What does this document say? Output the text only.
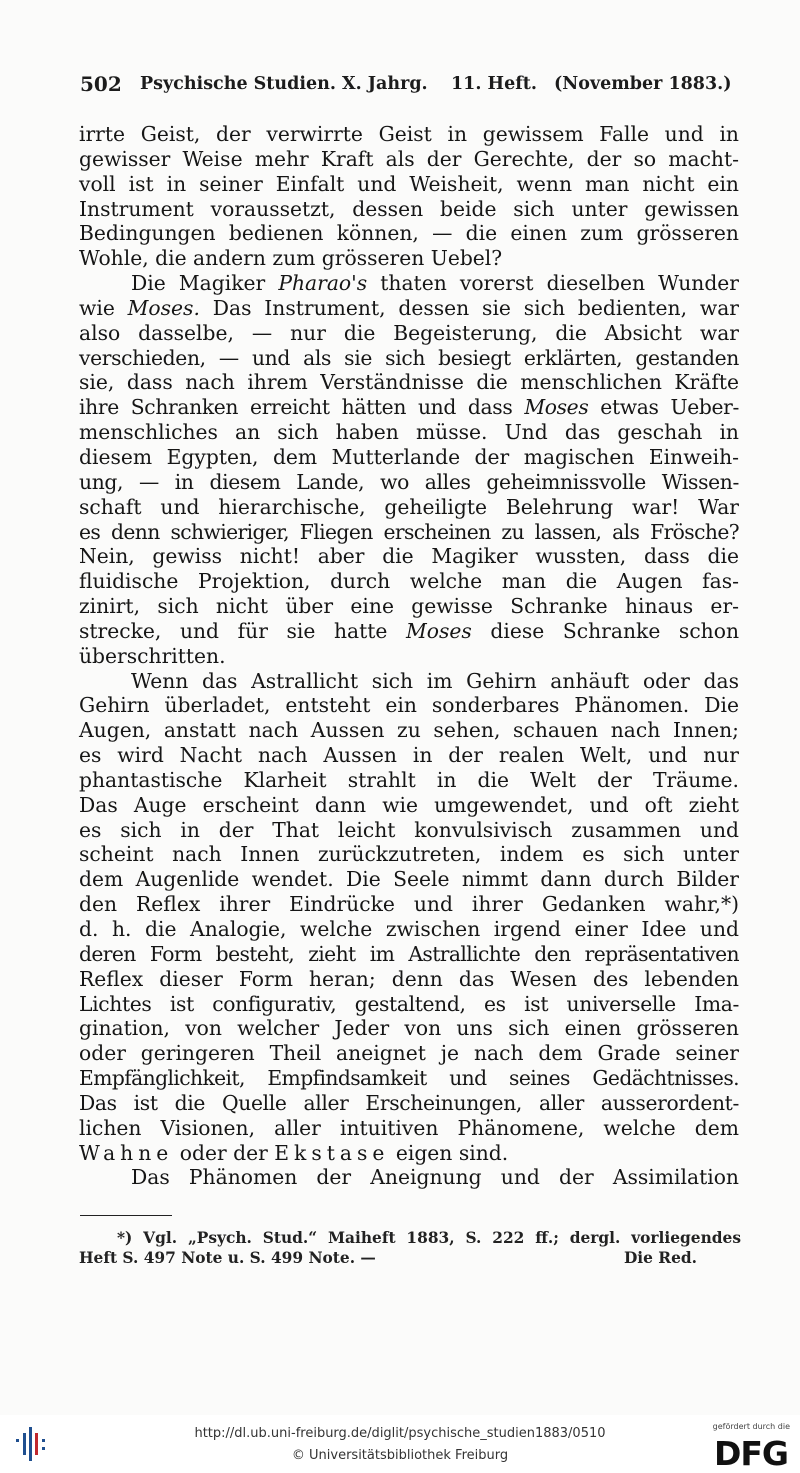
502 Psychische Studien. X. Jahrg. 11. Heft. (November 1883.)
irrte Geist, der verwirrte Geist in gewissem Falle und in
gewisser Weise mehr Kraft als der Gerechte, der so macht-
voll ist in seiner Einfalt und Weisheit, wenn man nicht ein
Instrument voraussetzt, dessen beide sich unter gewissen
Bedingungen bedienen können, — die einen zum grösseren
Wohle, die andern zum grösseren Uebel?
Die Magiker Pharao's thaten vorerst dieselben Wunder
wie Moses. Das Instrument, dessen sie sich bedienten, war
also dasselbe, — nur die Begeisterung, die Absicht war
verschieden, — und als sie sich besiegt erklärten, gestanden
sie, dass nach ihrem Verständnisse die menschlichen Kräfte
ihre Schranken erreicht hätten und dass Moses etwas Ueber-
menschliches an sich haben müsse. Und das geschah in
diesem Egypten, dem Mutterlande der magischen Einweih-
ung, — in diesem Lande, wo alles geheimnissvolle Wissen-
schaft und hierarchische, geheiligte Belehrung war! War
es denn schwieriger, Fliegen erscheinen zu lassen, als Frösche?
Nein, gewiss nicht! aber die Magiker wussten, dass die
fluidische Projektion, durch welche man die Augen fas-
zinirt, sich nicht über eine gewisse Schranke hinaus er-
strecke, und für sie hatte Moses diese Schranke schon
überschritten.
Wenn das Astrallicht sich im Gehirn anhäuft oder das
Gehirn überladet, entsteht ein sonderbares Phänomen. Die
Augen, anstatt nach Aussen zu sehen, schauen nach Innen;
es wird Nacht nach Aussen in der realen Welt, und nur
phantastische Klarheit strahlt in die Welt der Träume.
Das Auge erscheint dann wie umgewendet, und oft zieht
es sich in der That leicht konvulsivisch zusammen und
scheint nach Innen zurückzutreten, indem es sich unter
dem Augenlide wendet. Die Seele nimmt dann durch Bilder
den Reflex ihrer Eindrücke und ihrer Gedanken wahr,*)
d. h. die Analogie, welche zwischen irgend einer Idee und
deren Form besteht, zieht im Astrallichte den repräsentativen
Reflex dieser Form heran; denn das Wesen des lebenden
Lichtes ist configurativ, gestaltend, es ist universelle Ima-
gination, von welcher Jeder von uns sich einen grösseren
oder geringeren Theil aneignet je nach dem Grade seiner
Empfänglichkeit, Empfindsamkeit und seines Gedächtnisses.
Das ist die Quelle aller Erscheinungen, aller ausserordent-
lichen Visionen, aller intuitiven Phänomene, welche dem
Wahne oder der Ekstase eigen sind.
Das Phänomen der Aneignung und der Assimilation
*) Vgl. „Psych. Stud.“ Maiheft 1883, S. 222 ff.; dergl. vorliegendes
Heft S. 497 Note u. S. 499 Note. —	Die Red.
http://dl.ub.uni-freiburg.de/diglit/psychische_studien1883/0510
© Universitätsbibliothek Freiburg
gefördert durch die
DFG
